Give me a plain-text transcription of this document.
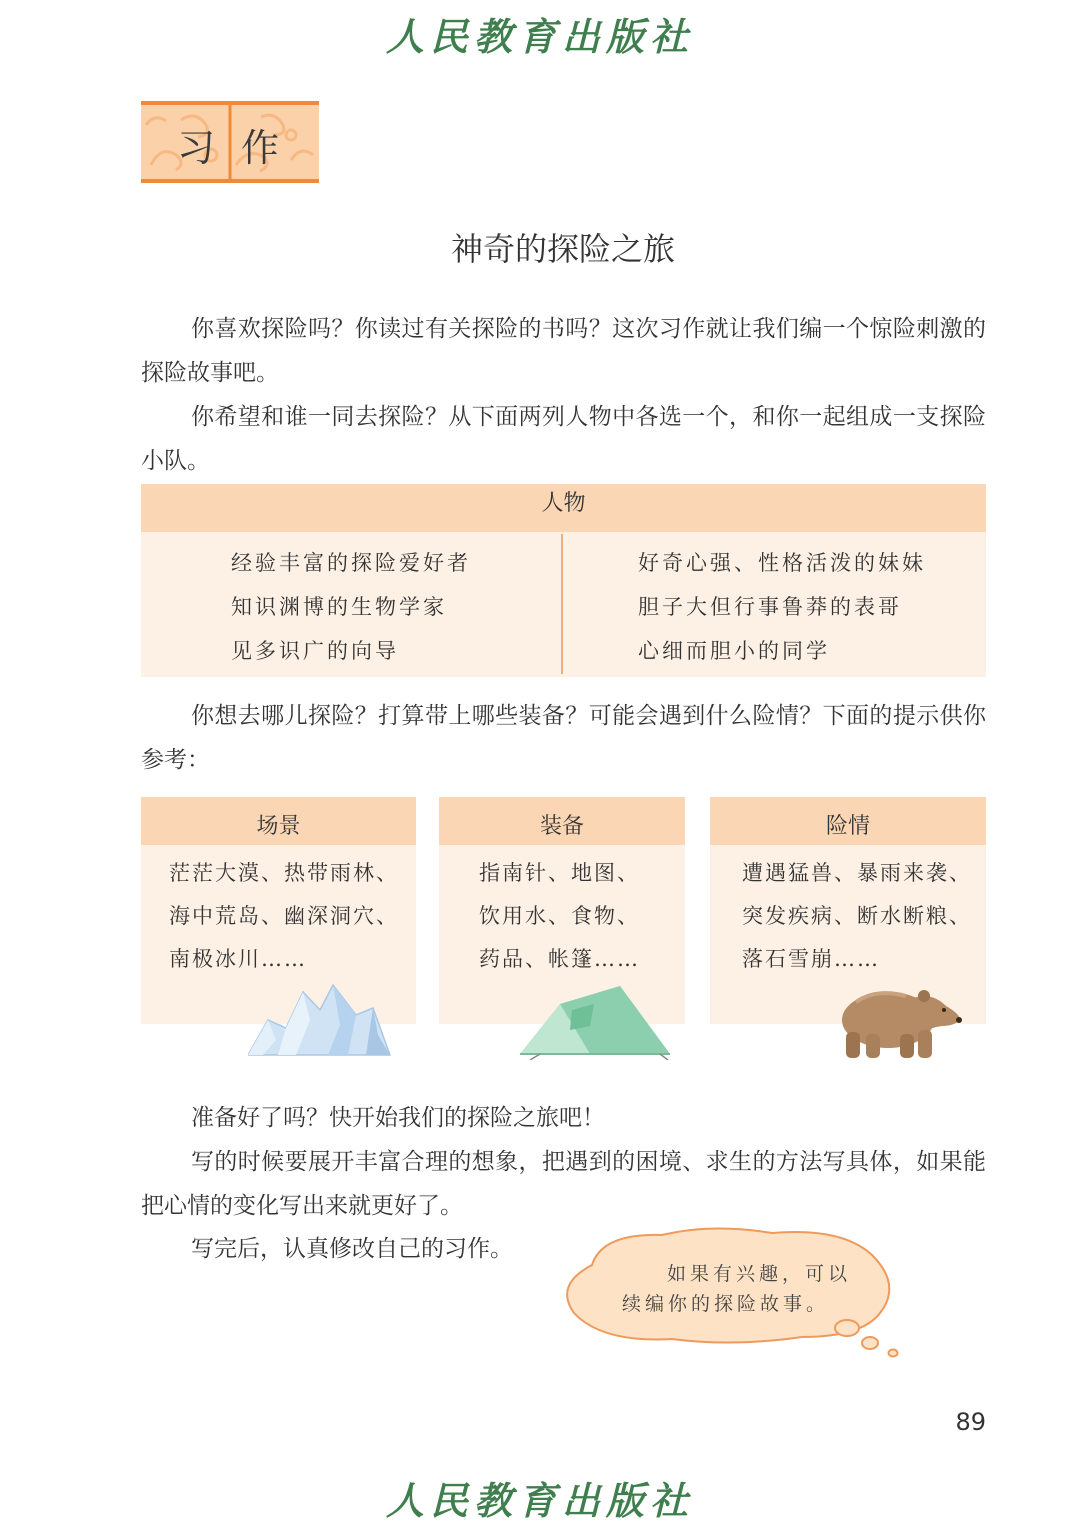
人民教育出版社
习作
神奇的探险之旅

你喜欢探险吗？你读过有关探险的书吗？这次习作就让我们编一个惊险刺激的探险故事吧。

你希望和谁一同去探险？从下面两列人物中各选一个，和你一起组成一支探险小队。

人物
经验丰富的探险爱好者
知识渊博的生物学家
见多识广的向导
好奇心强、性格活泼的妹妹
胆子大但行事鲁莽的表哥
心细而胆小的同学

你想去哪儿探险？打算带上哪些装备？可能会遇到什么险情？下面的提示供你参考：

场景
茫茫大漠、热带雨林、
海中荒岛、幽深洞穴、
南极冰川……
装备
指南针、地图、
饮用水、食物、
药品、帐篷……
险情
遭遇猛兽、暴雨来袭、
突发疾病、断水断粮、
落石雪崩……

准备好了吗？快开始我们的探险之旅吧！

写的时候要展开丰富合理的想象，把遇到的困境、求生的方法写具体，如果能把心情的变化写出来就更好了。

写完后，认真修改自己的习作。

如果有兴趣，可以
续编你的探险故事。
89
人民教育出版社
